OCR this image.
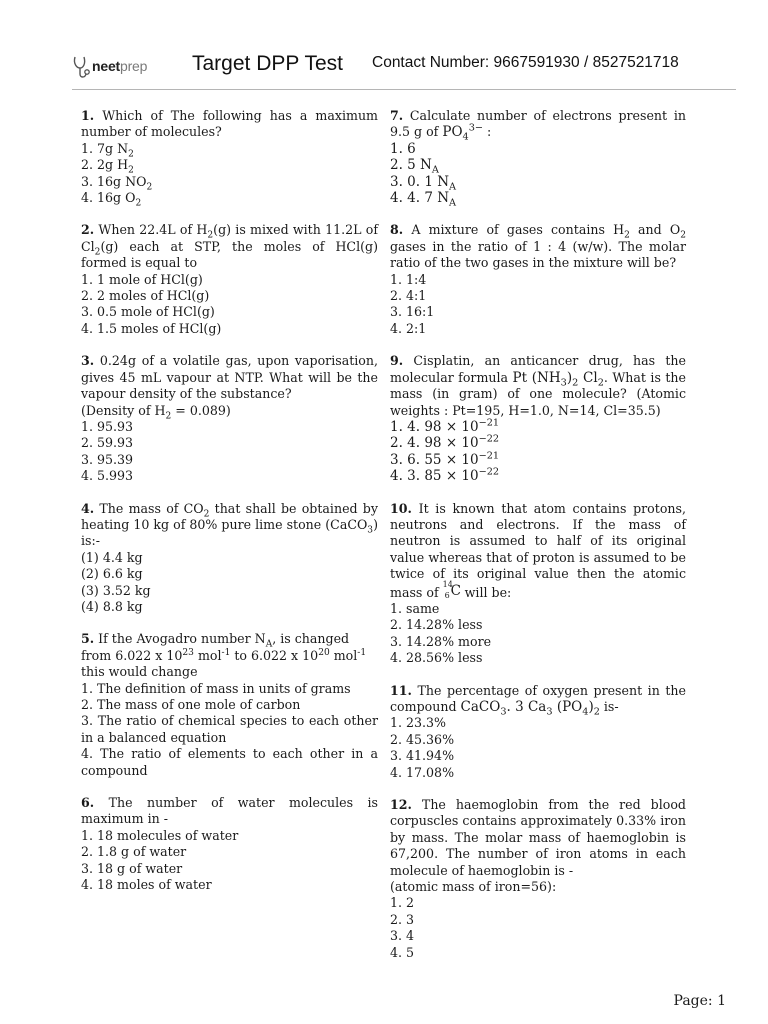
neetprep Target DPP Test Contact Number: 9667591930 / 8527521718

1. Which of The following has a maximum number of molecules?

1. 7g $N_2$
2. 2g $H_2$
3. 16g $NO_2$
4. 16g $O_2$

2. When 22.4L of $H_2(g)$ is mixed with 11.2L of $Cl_2(g)$ each at STP, the moles of HCl(g) formed is equal to

1. 1 mole of HCl(g)
2. 2 moles of HCl(g)
3. 0.5 mole of HCl(g)
4. 1.5 moles of HCl(g)

3. 0.24g of a volatile gas, upon vaporisation, gives 45 mL vapour at NTP. What will be the vapour density of the substance?

(Density of $H_2 = 0.089$)

1. 95.93
2. 59.93
3. 95.39
4. 5.993

4. The mass of $CO_2$ that shall be obtained by heating 10 kg of 80% pure lime stone (CaCO$_3$) is:-

(1) 4.4 kg
(2) 6.6 kg
(3) 3.52 kg
(4) 8.8 kg

5. If the Avogadro number $N_A$, is changed from 6.022 x $10^{23}$ mol$^{-1}$ to 6.022 x $10^{20}$ mol$^{-1}$ this would change

1. The definition of mass in units of grams
2. The mass of one mole of carbon
3. The ratio of chemical species to each other in a balanced equation
4. The ratio of elements to each other in a compound

6. The number of water molecules is maximum in -

1. 18 molecules of water
2. 1.8 g of water
3. 18 g of water
4. 18 moles of water

7. Calculate number of electrons present in 9.5 g of $PO_4^{3-}$ :

1. 6
2. 5 $N_A$
3. 0. 1 $N_A$
4. 4. 7 $N_A$

8. A mixture of gases contains $H_2$ and $O_2$ gases in the ratio of 1 : 4 (w/w). The molar ratio of the two gases in the mixture will be?

1. 1:4
2. 4:1
3. 16:1
4. 2:1

9. Cisplatin, an anticancer drug, has the molecular formula Pt $(NH_3)_2$ $Cl_2$. What is the mass (in gram) of one molecule? (Atomic weights : Pt=195, H=1.0, N=14, Cl=35.5)

1. 4. $98 \times 10^{-21}$
2. 4. $98 \times 10^{-22}$
3. 6. $55 \times 10^{-21}$
4. 3. $85 \times 10^{-22}$

10. It is known that atom contains protons, neutrons and electrons. If the mass of neutron is assumed to half of its original value whereas that of proton is assumed to be twice of its original value then the atomic mass of
14
6 C will be:

1. same
2. 14.28% less
3. 14.28% more
4. 28.56% less

11. The percentage of oxygen present in the compound CaCO$_3$. 3 $Ca_3$ $(PO_4)_2$ is-

1. 23.3%
2. 45.36%
3. 41.94%
4. 17.08%

12. The haemoglobin from the red blood corpuscles contains approximately 0.33% iron by mass. The molar mass of haemoglobin is 67,200. The number of iron atoms in each molecule of haemoglobin is -

(atomic mass of iron=56):

1. 2
2. 3
3. 4
4. 5
Page: 1
